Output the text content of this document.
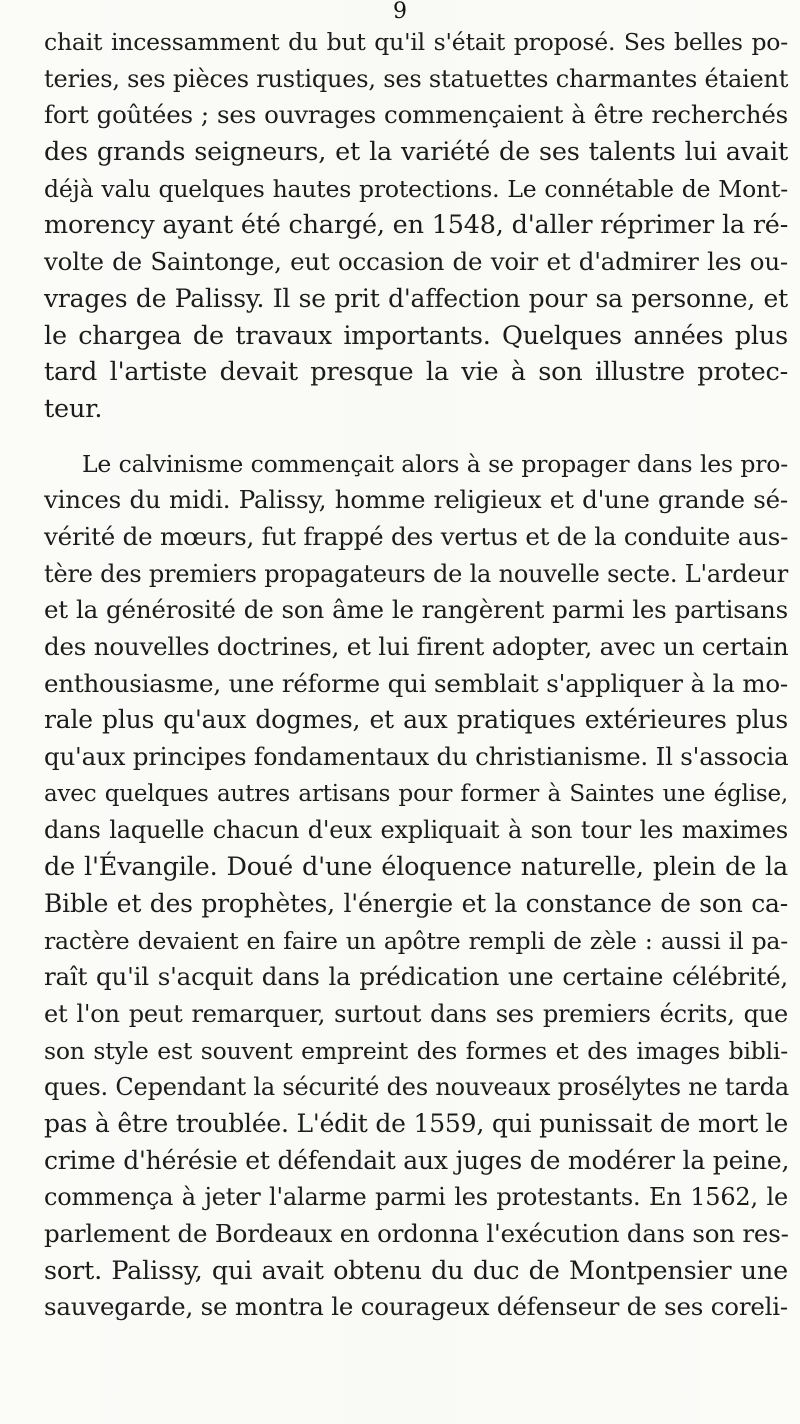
9
chait incessamment du but qu'il s'était proposé. Ses belles po-
teries, ses pièces rustiques, ses statuettes charmantes étaient
fort goûtées ; ses ouvrages commençaient à être recherchés
des grands seigneurs, et la variété de ses talents lui avait
déjà valu quelques hautes protections. Le connétable de Mont-
morency ayant été chargé, en 1548, d'aller réprimer la ré-
volte de Saintonge, eut occasion de voir et d'admirer les ou-
vrages de Palissy. Il se prit d'affection pour sa personne, et
le chargea de travaux importants. Quelques années plus
tard l'artiste devait presque la vie à son illustre protec-
teur.
Le calvinisme commençait alors à se propager dans les pro-
vinces du midi. Palissy, homme religieux et d'une grande sé-
vérité de mœurs, fut frappé des vertus et de la conduite aus-
tère des premiers propagateurs de la nouvelle secte. L'ardeur
et la générosité de son âme le rangèrent parmi les partisans
des nouvelles doctrines, et lui firent adopter, avec un certain
enthousiasme, une réforme qui semblait s'appliquer à la mo-
rale plus qu'aux dogmes, et aux pratiques extérieures plus
qu'aux principes fondamentaux du christianisme. Il s'associa
avec quelques autres artisans pour former à Saintes une église,
dans laquelle chacun d'eux expliquait à son tour les maximes
de l'Évangile. Doué d'une éloquence naturelle, plein de la
Bible et des prophètes, l'énergie et la constance de son ca-
ractère devaient en faire un apôtre rempli de zèle : aussi il pa-
raît qu'il s'acquit dans la prédication une certaine célébrité,
et l'on peut remarquer, surtout dans ses premiers écrits, que
son style est souvent empreint des formes et des images bibli-
ques. Cependant la sécurité des nouveaux prosélytes ne tarda
pas à être troublée. L'édit de 1559, qui punissait de mort le
crime d'hérésie et défendait aux juges de modérer la peine,
commença à jeter l'alarme parmi les protestants. En 1562, le
parlement de Bordeaux en ordonna l'exécution dans son res-
sort. Palissy, qui avait obtenu du duc de Montpensier une
sauvegarde, se montra le courageux défenseur de ses coreli-
